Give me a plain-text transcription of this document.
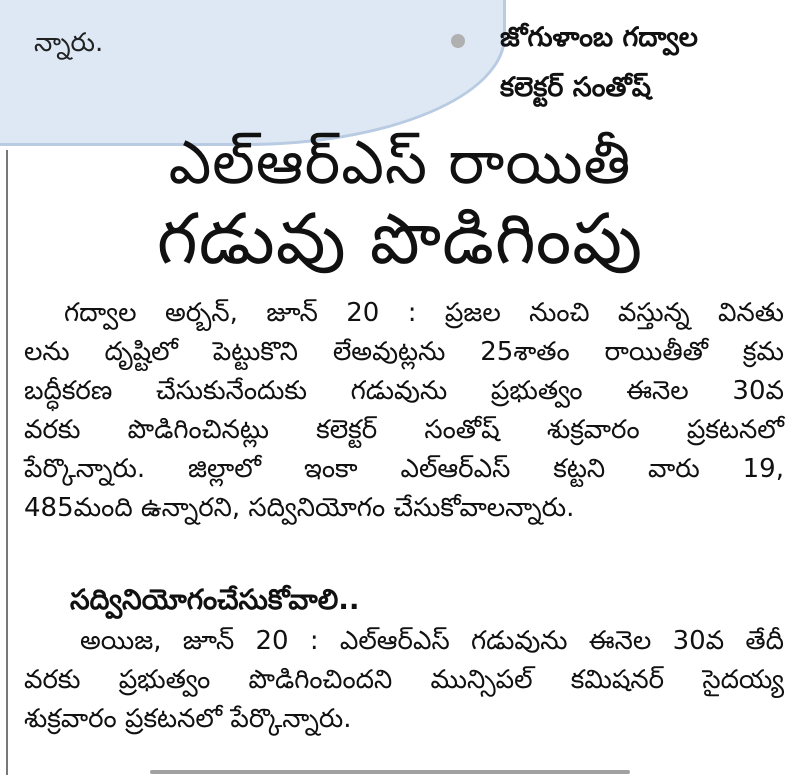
న్నారు.	జోగుళాంబ గద్వాల
కలెక్టర్ సంతోష్
ఎల్ఆర్ఎస్ రాయితీ
గడువు పొడిగింపు
గద్వాల అర్బన్, జూన్ 20 : ప్రజల నుంచి వస్తున్న వినతు
లను దృష్టిలో పెట్టుకొని లేఅవుట్లను 25శాతం రాయితీతో క్రమ
బద్ధీకరణ చేసుకునేందుకు గడువును ప్రభుత్వం ఈనెల 30వ
వరకు పొడిగించినట్లు కలెక్టర్ సంతోష్ శుక్రవారం ప్రకటనలో
పేర్కొన్నారు. జిల్లాలో ఇంకా ఎల్ఆర్ఎస్ కట్టని వారు 19,
485మంది ఉన్నారని, సద్వినియోగం చేసుకోవాలన్నారు.
సద్వినియోగంచేసుకోవాలి..
అయిజ, జూన్ 20 : ఎల్ఆర్ఎస్ గడువును ఈనెల 30వ తేదీ
వరకు ప్రభుత్వం పొడిగించిందని మున్సిపల్ కమిషనర్ సైదయ్య
శుక్రవారం ప్రకటనలో పేర్కొన్నారు.
